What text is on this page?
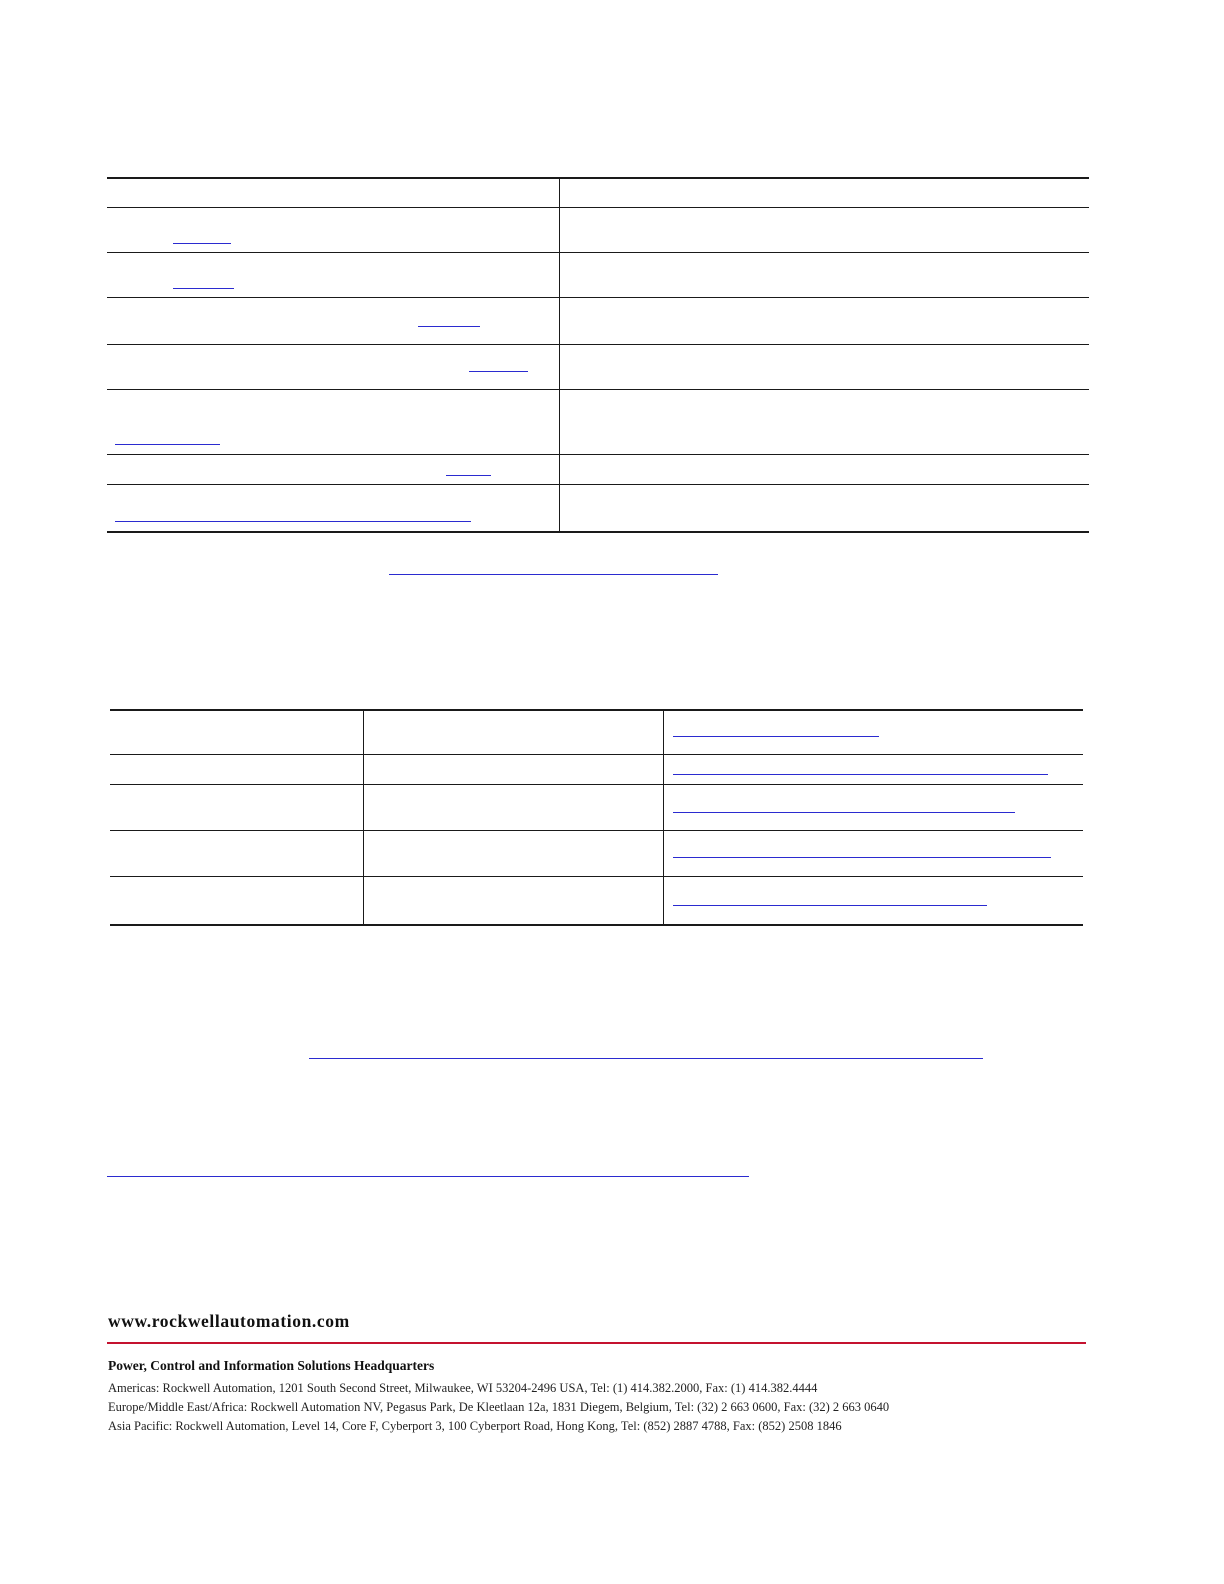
www.rockwellautomation.com

Power, Control and Information Solutions Headquarters

Americas: Rockwell Automation, 1201 South Second Street, Milwaukee, WI 53204-2496 USA, Tel: (1) 414.382.2000, Fax: (1) 414.382.4444

Europe/Middle East/Africa: Rockwell Automation NV, Pegasus Park, De Kleetlaan 12a, 1831 Diegem, Belgium, Tel: (32) 2 663 0600, Fax: (32) 2 663 0640

Asia Pacific: Rockwell Automation, Level 14, Core F, Cyberport 3, 100 Cyberport Road, Hong Kong, Tel: (852) 2887 4788, Fax: (852) 2508 1846
